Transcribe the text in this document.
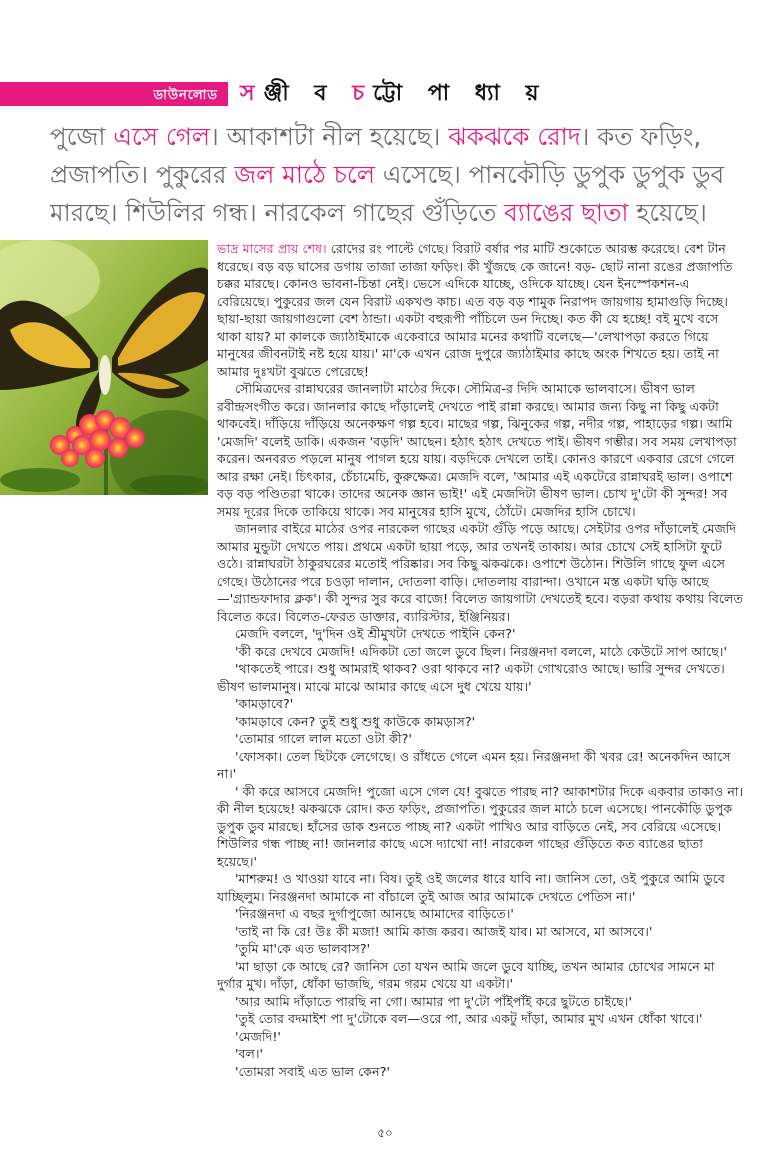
ডাউনলোড সঞ্জী ব চট্টো পা ধ্যা য়
পুজো এসে গেল। আকাশটা নীল হয়েছে। ঝকঝকে রোদ। কত ফড়িং, প্রজাপতি। পুকুরের জল মাঠে চলে এসেছে। পানকৌড়ি ডুপুক ডুপুক ডুব মারছে। শিউলির গন্ধ। নারকেল গাছের গুঁড়িতে ব্যাঙের ছাতা হয়েছে।

ভাদ্র মাসের প্রায় শেষ। রোদের রং পাল্টে গেছে। বিরাট বর্ষার পর মাটি শুকোতে আরম্ভ করেছে। বেশ টান ধরেছে। বড় বড় ঘাসের ডগায় তাজা তাজা ফড়িং। কী খুঁজছে কে জানে! বড়- ছোট নানা রঙের প্রজাপতি চক্কর মারছে। কোনও ভাবনা-চিন্তা নেই। ভেসে এদিকে যাচ্ছে, ওদিকে যাচ্ছে। যেন ইনস্পেকশন-এ বেরিয়েছে। পুকুরের জল যেন বিরাট একখণ্ড কাচ। এত বড় বড় শামুক নিরাপদ জায়গায় হামাগুড়ি দিচ্ছে। ছায়া-ছায়া জায়গাগুলো বেশ ঠান্ডা। একটা বহুরূপী পাঁচিলে ডন দিচ্ছে। কত কী যে হচ্ছে! বই মুখে বসে থাকা যায়? মা কালকে জ্যাঠাইমাকে একেবারে আমার মনের কথাটি বলেছে—'লেখাপড়া করতে গিয়ে মানুষের জীবনটাই নষ্ট হয়ে যায়।' মা'কে এখন রোজ দুপুরে জ্যাঠাইমার কাছে অংক শিখতে হয়। তাই না আমার দুঃখটা বুঝতে পেরেছে!

সৌমিত্রদের রান্নাঘরের জানলাটা মাঠের দিকে। সৌমিত্র-র দিদি আমাকে ভালবাসে। ভীষণ ভাল রবীন্দ্রসংগীত করে। জানলার কাছে দাঁড়ালেই দেখতে পাই রান্না করছে। আমার জন্য কিছু না কিছু একটা থাকবেই। দাঁড়িয়ে দাঁড়িয়ে অনেকক্ষণ গল্প হবে। মাছের গল্প, ঝিনুকের গল্প, নদীর গল্প, পাহাড়ের গল্প। আমি 'মেজদি' বলেই ডাকি। একজন 'বড়দি' আছেন। হঠাৎ হঠাৎ দেখতে পাই। ভীষণ গম্ভীর। সব সময় লেখাপড়া করেন। অনবরত পড়লে মানুষ পাগল হয়ে যায়। বড়দিকে দেখলে তাই। কোনও কারণে একবার রেগে গেলে আর রক্ষা নেই। চিৎকার, চেঁচামেচি, কুরুক্ষেত্র। মেজদি বলে, 'আমার এই একটেরে রান্নাঘরই ভাল। ওপাশে বড় বড় পণ্ডিতরা থাকে। তাদের অনেক জ্ঞান ভাই!' এই মেজদিটা ভীষণ ভাল। চোখ দু'টো কী সুন্দর! সব সময় দূরের দিকে তাকিয়ে থাকে। সব মানুষের হাসি মুখে, ঠোঁটে। মেজদির হাসি চোখে।

জানলার বাইরে মাঠের ওপর নারকেল গাছের একটা গুঁড়ি পড়ে আছে। সেইটার ওপর দাঁড়ালেই মেজদি আমার মুন্ডুটা দেখতে পায়। প্রথমে একটা ছায়া পড়ে, আর তখনই তাকায়। আর চোখে সেই হাসিটা ফুটে ওঠে। রান্নাঘরটা ঠাকুরঘরের মতোই পরিষ্কার। সব কিছু ঝকঝকে। ওপাশে উঠোন। শিউলি গাছে ফুল এসে গেছে। উঠোনের পরে চওড়া দালান, দোতলা বাড়ি। দোতলায় বারান্দা। ওখানে মস্ত একটা ঘড়ি আছে—'গ্র্যান্ডফাদার ক্লক'। কী সুন্দর সুর করে বাজে! বিলেত জায়গাটা দেখতেই হবে। বড়রা কথায় কথায় বিলেত বিলেত করে। বিলেত-ফেরত ডাক্তার, ব্যারিস্টার, ইঞ্জিনিয়র।

মেজদি বললে, 'দু'দিন ওই শ্রীমুখটা দেখতে পাইনি কেন?'

'কী করে দেখবে মেজদি! এদিকটা তো জলে ডুবে ছিল। নিরঞ্জনদা বললে, মাঠে কেউটে সাপ আছে।'

'থাকতেই পারে। শুধু আমরাই থাকব? ওরা থাকবে না? একটা গোখরোও আছে। ভারি সুন্দর দেখতে। ভীষণ ভালমানুষ। মাঝে মাঝে আমার কাছে এসে দুধ খেয়ে যায়।'

'কামড়াবে?'

'কামড়াবে কেন? তুই শুধু শুধু কাউকে কামড়াস?'

'তোমার গালে লাল মতো ওটা কী?'

'ফোসকা। তেল ছিটকে লেগেছে। ও রাঁধতে গেলে এমন হয়। নিরঞ্জনদা কী খবর রে! অনেকদিন আসে না।'

' কী করে আসবে মেজদি! পুজো এসে গেল যে! বুঝতে পারছ না? আকাশটার দিকে একবার তাকাও না। কী নীল হয়েছে! ঝকঝকে রোদ। কত ফড়িং, প্রজাপতি। পুকুরের জল মাঠে চলে এসেছে। পানকৌড়ি ডুপুক ডুপুক ডুব মারছে। হাঁসের ডাক শুনতে পাচ্ছ না? একটা পাখিও আর বাড়িতে নেই, সব বেরিয়ে এসেছে। শিউলির গন্ধ পাচ্ছ না! জানলার কাছে এসে দ্যাখো না! নারকেল গাছের গুঁড়িতে কত ব্যাঙের ছাতা হয়েছে।'

'মাশরুম! ও খাওয়া যাবে না। বিষ। তুই ওই জলের ধারে যাবি না। জানিস তো, ওই পুকুরে আমি ডুবে যাচ্ছিলুম। নিরঞ্জনদা আমাকে না বাঁচালে তুই আজ আর আমাকে দেখতে পেতিস না।'

'নিরঞ্জনদা এ বছর দুর্গাপুজো আনছে আমাদের বাড়িতে।'

'তাই না কি রে! উঃ কী মজা! আমি কাজ করব। আজই যাব। মা আসবে, মা আসবে।'

'তুমি মা'কে এত ভালবাস?'

'মা ছাড়া কে আছে রে? জানিস তো যখন আমি জলে ডুবে যাচ্ছি, তখন আমার চোখের সামনে মা দুর্গার মুখ। দাঁড়া, ধোঁকা ভাজছি, গরম গরম খেয়ে যা একটা।'

'আর আমি দাঁড়াতে পারছি না গো। আমার পা দু'টো পাঁইপাঁই করে ছুটতে চাইছে।'

'তুই তোর বদমাইশ পা দু'টোকে বল—ওরে পা, আর একটু দাঁড়া, আমার মুখ এখন ধোঁকা খাবে।'

'মেজদি!'

'বল।'

'তোমরা সবাই এত ভাল কেন?'

৫০
